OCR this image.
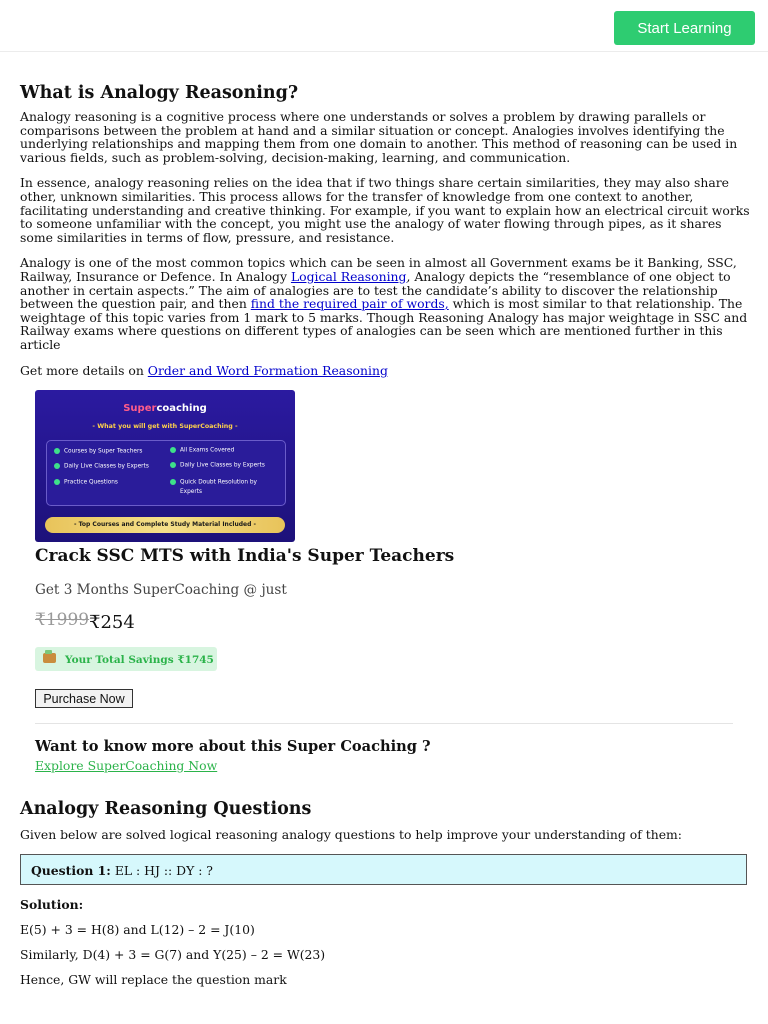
Start Learning
What is Analogy Reasoning?

Analogy reasoning is a cognitive process where one understands or solves a problem by drawing parallels or comparisons between the problem at hand and a similar situation or concept. Analogies involves identifying the underlying relationships and mapping them from one domain to another. This method of reasoning can be used in various fields, such as problem-solving, decision-making, learning, and communication.

In essence, analogy reasoning relies on the idea that if two things share certain similarities, they may also share other, unknown similarities. This process allows for the transfer of knowledge from one context to another, facilitating understanding and creative thinking. For example, if you want to explain how an electrical circuit works to someone unfamiliar with the concept, you might use the analogy of water flowing through pipes, as it shares some similarities in terms of flow, pressure, and resistance.

Analogy is one of the most common topics which can be seen in almost all Government exams be it Banking, SSC, Railway, Insurance or Defence. In Analogy Logical Reasoning, Analogy depicts the “resemblance of one object to another in certain aspects.” The aim of analogies are to test the candidate’s ability to discover the relationship between the question pair, and then find the required pair of words, which is most similar to that relationship. The weightage of this topic varies from 1 mark to 5 marks. Though Reasoning Analogy has major weightage in SSC and Railway exams where questions on different types of analogies can be seen which are mentioned further in this article

Get more details on Order and Word Formation Reasoning

Supercoaching
- What you will get with SuperCoaching -
Courses by Super Teachers	All Exams Covered
Daily Live Classes by Experts	Daily Live Classes by Experts
Practice Questions	Quick Doubt Resolution by
Experts
- Top Courses and Complete Study Material Included -
Crack SSC MTS with India's Super Teachers
Get 3 Months SuperCoaching @ just
₹1999 ₹254
Your Total Savings ₹1745
Purchase Now
Want to know more about this Super Coaching ?
Explore SuperCoaching Now
Analogy Reasoning Questions
Given below are solved logical reasoning analogy questions to help improve your understanding of them:
Question 1: EL : HJ :: DY : ?
Solution:
E(5) + 3 = H(8) and L(12) – 2 = J(10)
Similarly, D(4) + 3 = G(7) and Y(25) – 2 = W(23)
Hence, GW will replace the question mark
